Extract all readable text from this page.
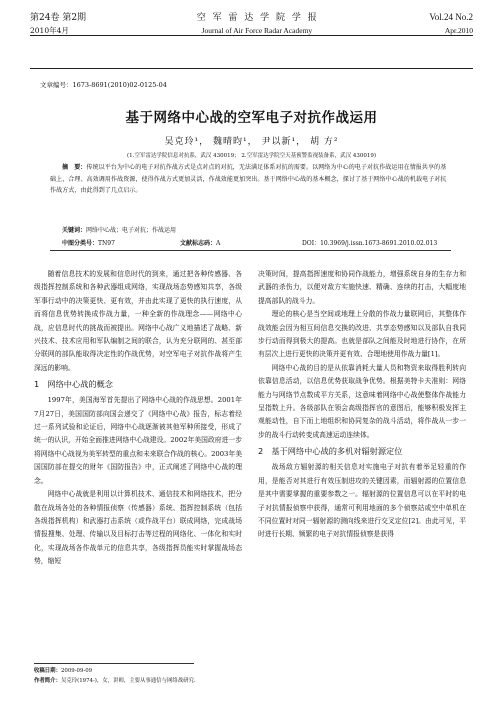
第24卷 第2期	空 军 雷 达 学 院 学 报	Vol.24 No.2
2010年4月	Journal of Air Force Radar Academy	Apr.2010
文章编号：1673-8691(2010)02-0125-04
基于网络中心战的空军电子对抗作战运用
吴克玲¹， 魏晴昀¹， 尹以新¹， 胡 方²
(1.空军雷达学院信息对抗系，武汉 430019； 2.空军雷达学院空天基预警监视装备系，武汉 430019)
摘　要：传统以平台为中心的电子对抗作战方式是点对点的对抗，无法满足体系对抗的需要。以网络为中心的电子对抗作战运用在情报共享的基础上，合理、高效调用作战资源，使得作战方式更加灵活，作战效能更加突出。基于网络中心战的基本概念，探讨了基于网络中心战的机载电子对抗作战方式，由此得到了几点启示。
关键词：网络中心战；电子对抗；作战运用
中图分类号：TN97	文献标志码：A	DOI：10.3969/j.issn.1673-8691.2010.02.013

随着信息技术的发展和信息时代的到来，通过把各种传感器、各级指挥控制系统和各种武器组成网络，实现战场态势感知共享，各级军事行动中的决策更快、更有效，并由此实现了更快的执行速度，从而将信息优势转换成作战力量，一种全新的作战理念——网络中心战，应信息时代的挑战而被提出。网络中心战广义地描述了战略、新兴技术、技术应用和军队编制之间的联合，认为充分联网的、甚至部分联网的部队能取得决定性的作战优势，对空军电子对抗作战将产生深远的影响。

1　网络中心战的概念

1997年，美国海军首先提出了网络中心战的作战思想。2001年7月27日，美国国防部向国会递交了《网络中心战》报告，标志着经过一系列试验和论证后，网络中心战逐渐被其他军种所接受，形成了统一的认识，开始全面推进网络中心战建设。2002年美国政府进一步将网络中心战视为美军转型的重点和未来联合作战的核心。2003年美国国防部在提交的财年《国防报告》中，正式阐述了网络中心战的理念。

网络中心战就是利用以计算机技术、通信技术和网络技术，把分散在战场各处的各种情报侦察（传感器）系统、指挥控制系统（包括各级指挥机构）和武器打击系统（或作战平台）联成网络，完成战场情报搜集、处理、传输以及目标打击等过程的网络化、一体化和实时化，实现战场各作战单元的信息共享，各级指挥员能实时掌握战场态势，缩短

决策时间，提高指挥速度和协同作战能力，增强系统自身的生存力和武器的杀伤力，以便对敌方实施快速、精确、连续的打击，大幅度地提高部队的战斗力。

理论的核心是当空间或地理上分散的作战力量联网后，其整体作战效能会因为相互间信息交换的改进、共享态势感知以及部队自我同步行动而得到极大的提高。也就是部队之间能及时地进行协作，在所有层次上进行更快的决策并更有效、合理地使用作战力量[1]。

网络中心战的目的是从依靠消耗大量人员和物资来取得胜利转向依靠信息活动，以信息优势获取战争优势。根据美特卡夫准则：网络能力与网络节点数成平方关系，这意味着网络中心战使整体作战能力呈指数上升。各级部队在领会高级指挥官的意图后，能够积极发挥主观能动性，自下而上地组织和协同复杂的战斗活动，将作战从一步一步的战斗行动转变成高速运动连续体。

2　基于网络中心战的多机对辐射源定位

战场敌方辐射源的相关信息对实施电子对抗有着举足轻重的作用，是能否对其进行有效压制进攻的关键因素，而辐射源的位置信息是其中需要掌握的重要参数之一。辐射源的位置信息可以在平时的电子对抗情报侦察中获得，通常可利用地面的多个侦察站或空中单机在不同位置时对同一辐射源的测向线来进行交叉定位[2]。由此可见，平时进行长期、频繁的电子对抗情报侦察是获得

收稿日期：2009-09-09
作者简介：吴克玲(1974-)，女，讲师，主要从事通信与网络战研究.
